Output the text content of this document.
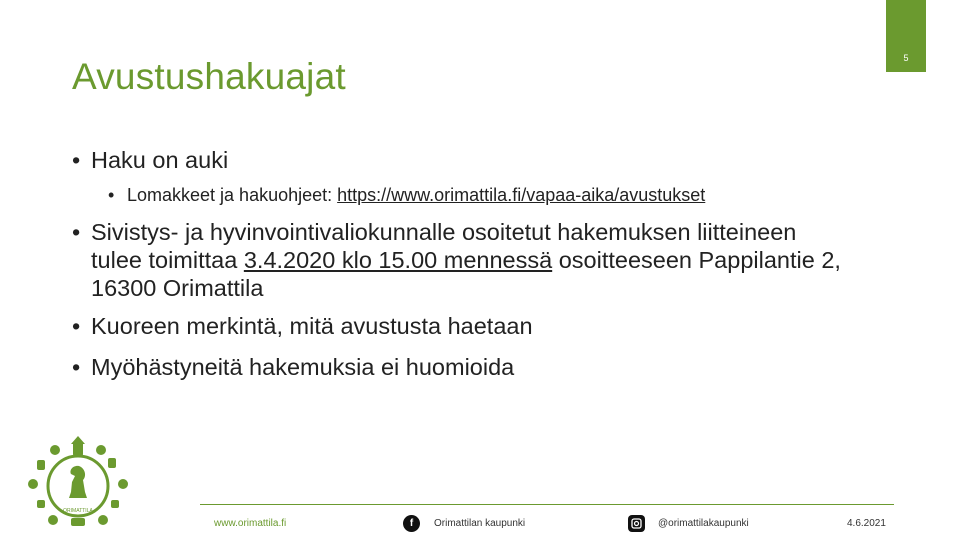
5
Avustushakuajat
• Haku on auki
• Lomakkeet ja hakuohjeet: https://www.orimattila.fi/vapaa-aika/avustukset
• Sivistys- ja hyvinvointivaliokunnalle osoitetut hakemuksen liitteineen tulee toimittaa 3.4.2020 klo 15.00 mennessä osoitteeseen Pappilantie 2, 16300 Orimattila
• Kuoreen merkintä, mitä avustusta haetaan
• Myöhästyneitä hakemuksia ei huomioida
ORIMATTILA
www.orimattila.fi	f	Orimattilan kaupunki	@orimattilakaupunki	4.6.2021
